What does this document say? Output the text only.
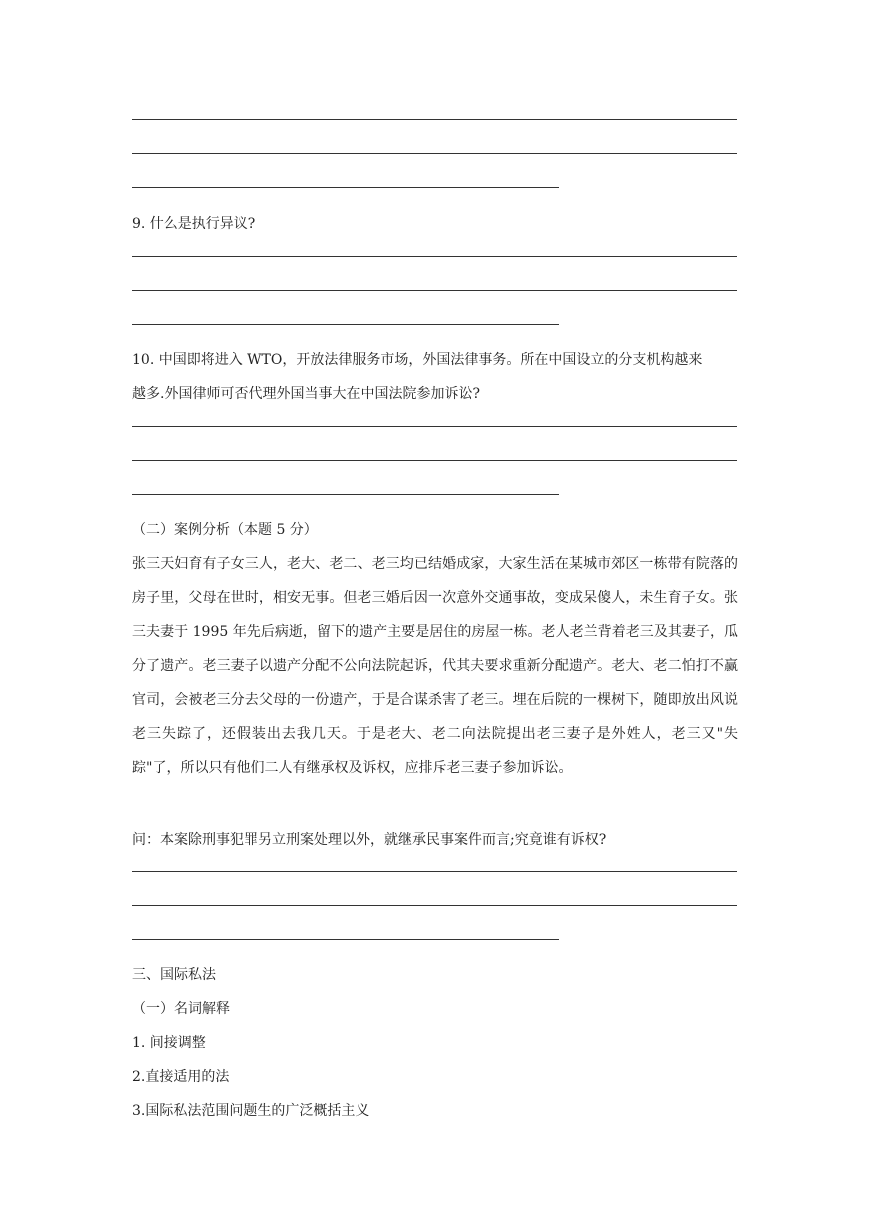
9. 什么是执行异议?
10. 中国即将进入 WTO，开放法律服务市场，外国法律事务。所在中国设立的分支机构越来
越多.外国律师可否代理外国当事大在中国法院参加诉讼?
（二）案例分析（本题 5 分）
张三天妇育有子女三人，老大、老二、老三均已结婚成家，大家生活在某城市郊区一栋带有院落的房子里，父母在世时，相安无事。但老三婚后因一次意外交通事故，变成呆傻人，未生育子女。张三夫妻于 1995 年先后病逝，留下的遗产主要是居住的房屋一栋。老人老兰背着老三及其妻子，瓜分了遗产。老三妻子以遗产分配不公向法院起诉，代其夫要求重新分配遗产。老大、老二怕打不赢官司，会被老三分去父母的一份遗产，于是合谋杀害了老三。埋在后院的一棵树下，随即放出风说老三失踪了，还假装出去我几天。于是老大、老二向法院提出老三妻子是外姓人，老三又"失踪"了，所以只有他们二人有继承权及诉权，应排斥老三妻子参加诉讼。
问：本案除刑事犯罪另立刑案处理以外，就继承民事案件而言;究竟谁有诉权?
三、国际私法
（一）名词解释
1. 间接调整
2.直接适用的法
3.国际私法范围问题生的广泛概括主义
